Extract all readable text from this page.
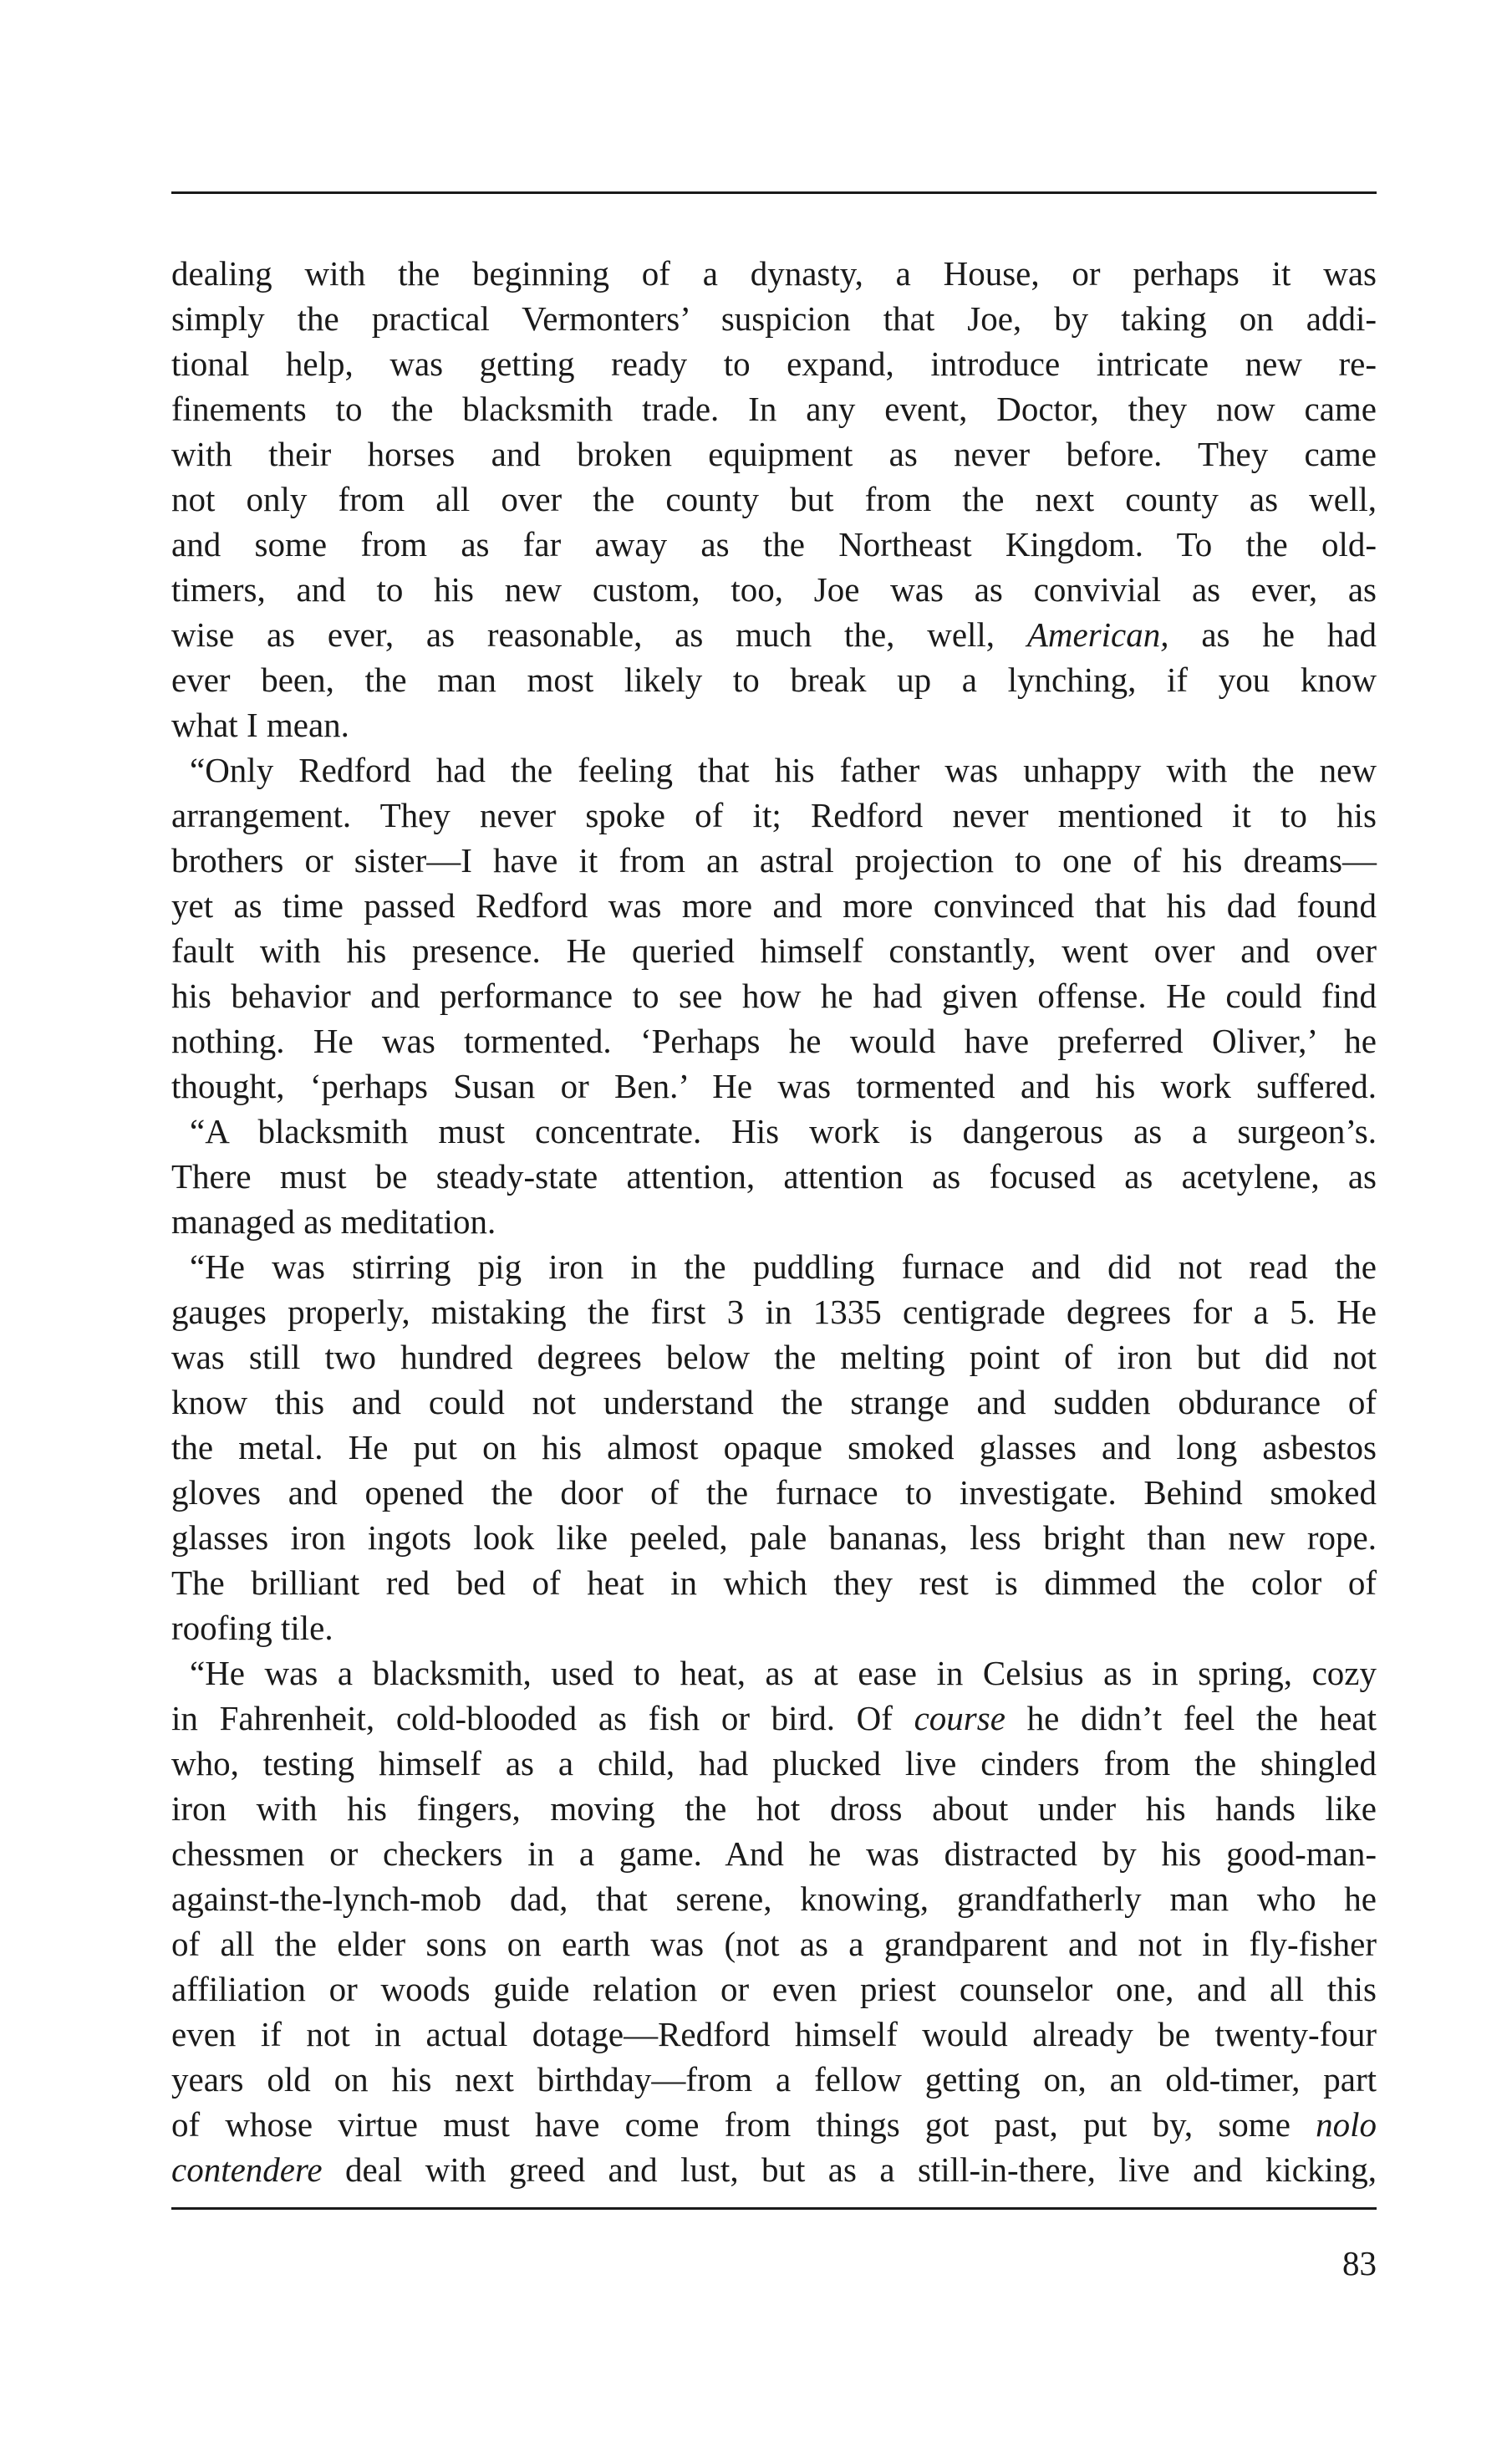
dealing with the beginning of a dynasty, a House, or perhaps it was
simply the practical Vermonters’ suspicion that Joe, by taking on addi-
tional help, was getting ready to expand, introduce intricate new re-
finements to the blacksmith trade. In any event, Doctor, they now came
with their horses and broken equipment as never before. They came
not only from all over the county but from the next county as well,
and some from as far away as the Northeast Kingdom. To the old-
timers, and to his new custom, too, Joe was as convivial as ever, as
wise as ever, as reasonable, as much the, well, American, as he had
ever been, the man most likely to break up a lynching, if you know
what I mean.
“Only Redford had the feeling that his father was unhappy with the new
arrangement. They never spoke of it; Redford never mentioned it to his
brothers or sister—I have it from an astral projection to one of his dreams—
yet as time passed Redford was more and more convinced that his dad found
fault with his presence. He queried himself constantly, went over and over
his behavior and performance to see how he had given offense. He could find
nothing. He was tormented. ‘Perhaps he would have preferred Oliver,’ he
thought, ‘perhaps Susan or Ben.’ He was tormented and his work suffered.
“A blacksmith must concentrate. His work is dangerous as a surgeon’s.
There must be steady-state attention, attention as focused as acetylene, as
managed as meditation.
“He was stirring pig iron in the puddling furnace and did not read the
gauges properly, mistaking the first 3 in 1335 centigrade degrees for a 5. He
was still two hundred degrees below the melting point of iron but did not
know this and could not understand the strange and sudden obdurance of
the metal. He put on his almost opaque smoked glasses and long asbestos
gloves and opened the door of the furnace to investigate. Behind smoked
glasses iron ingots look like peeled, pale bananas, less bright than new rope.
The brilliant red bed of heat in which they rest is dimmed the color of
roofing tile.
“He was a blacksmith, used to heat, as at ease in Celsius as in spring, cozy
in Fahrenheit, cold-blooded as fish or bird. Of course he didn’t feel the heat
who, testing himself as a child, had plucked live cinders from the shingled
iron with his fingers, moving the hot dross about under his hands like
chessmen or checkers in a game. And he was distracted by his good-man-
against-the-lynch-mob dad, that serene, knowing, grandfatherly man who he
of all the elder sons on earth was (not as a grandparent and not in fly-fisher
affiliation or woods guide relation or even priest counselor one, and all this
even if not in actual dotage—Redford himself would already be twenty-four
years old on his next birthday—from a fellow getting on, an old-timer, part
of whose virtue must have come from things got past, put by, some nolo
contendere deal with greed and lust, but as a still-in-there, live and kicking,
83
